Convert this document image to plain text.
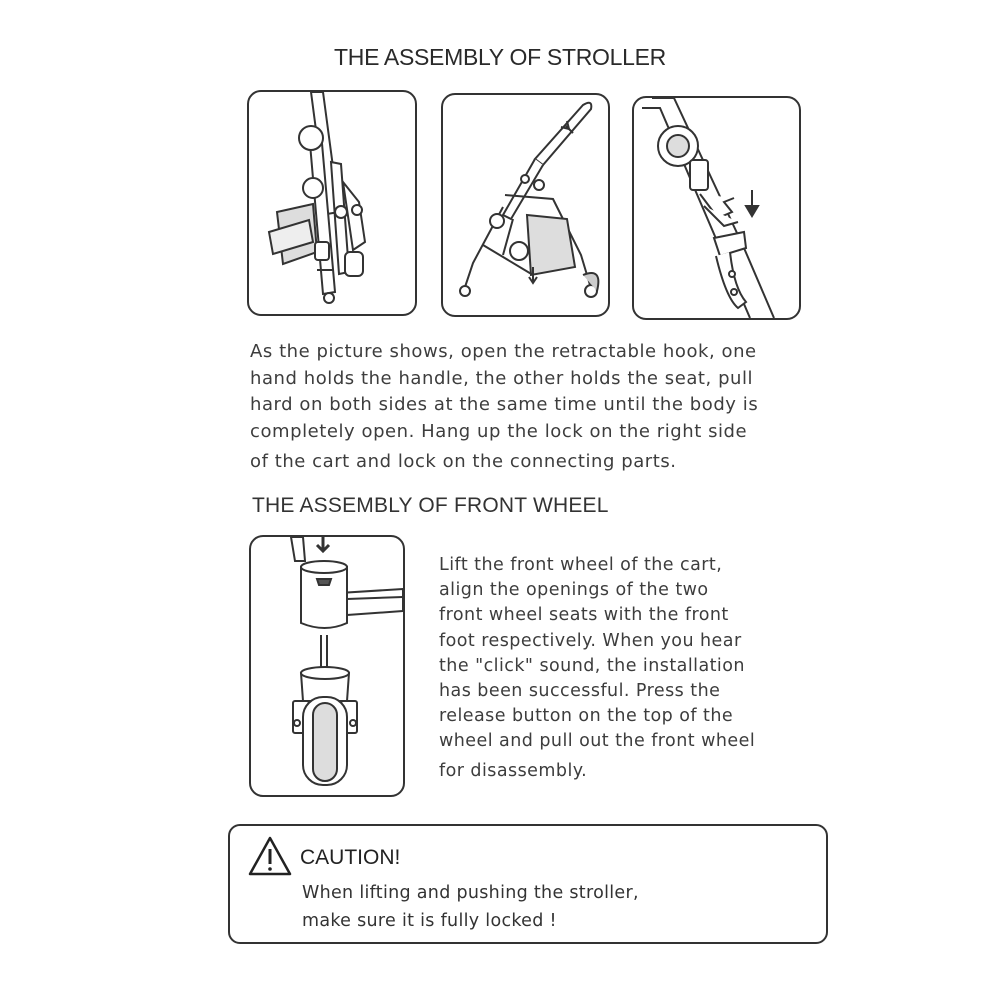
THE ASSEMBLY OF STROLLER

As the picture shows, open the retractable hook, one
hand holds the handle, the other holds the seat, pull
hard on both sides at the same time until the body is
completely open. Hang up the lock on the right side
of the cart and lock on the connecting parts.

THE ASSEMBLY OF FRONT WHEEL

Lift the front wheel of the cart,
align the openings of the two
front wheel seats with the front
foot respectively. When you hear
the "click" sound, the installation
has been successful. Press the
release button on the top of the
wheel and pull out the front wheel
for disassembly.

CAUTION!
When lifting and pushing the stroller,
make sure it is fully locked !
